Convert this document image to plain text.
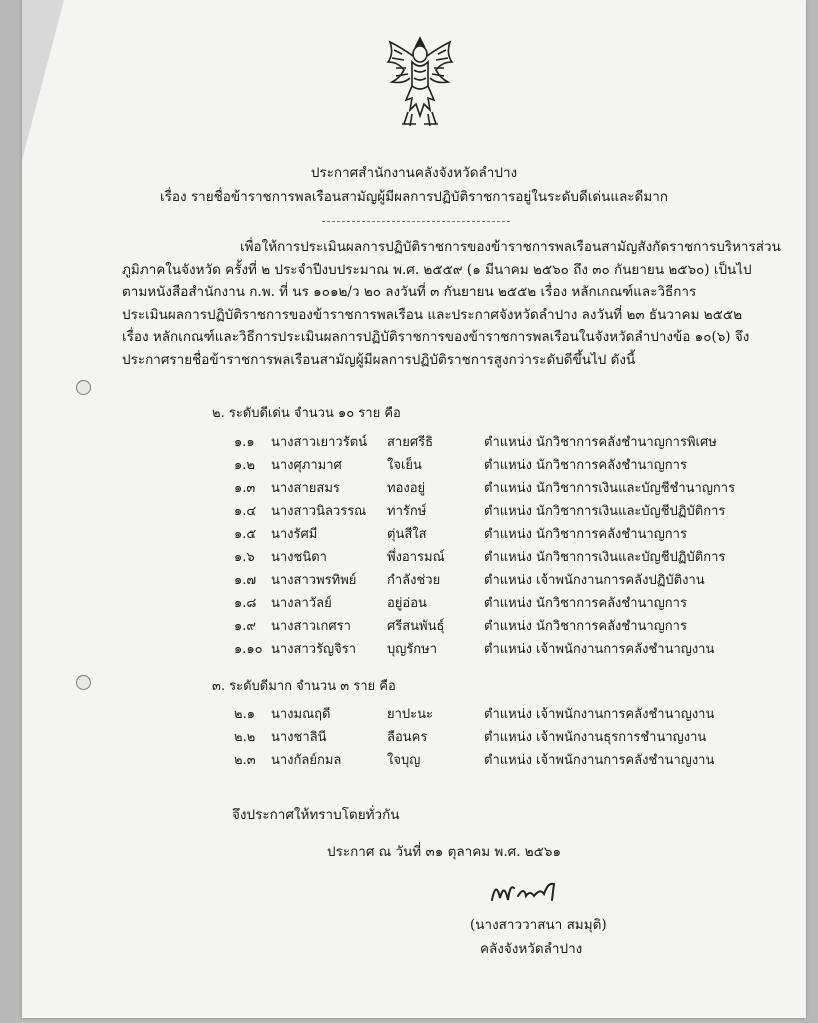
ประกาศสำนักงานคลังจังหวัดลำปาง
เรื่อง รายชื่อข้าราชการพลเรือนสามัญผู้มีผลการปฏิบัติราชการอยู่ในระดับดีเด่นและดีมาก
เพื่อให้การประเมินผลการปฏิบัติราชการของข้าราชการพลเรือนสามัญสังกัดราชการบริหารส่วน
ภูมิภาคในจังหวัด ครั้งที่ ๒ ประจำปีงบประมาณ พ.ศ. ๒๕๕๙ (๑ มีนาคม ๒๕๖๐ ถึง ๓๐ กันยายน ๒๕๖๐) เป็นไป
ตามหนังสือสำนักงาน ก.พ. ที่ นร ๑๐๑๒/ว ๒๐ ลงวันที่ ๓ กันยายน ๒๕๕๒ เรื่อง หลักเกณฑ์และวิธีการ
ประเมินผลการปฏิบัติราชการของข้าราชการพลเรือน และประกาศจังหวัดลำปาง ลงวันที่ ๒๓ ธันวาคม ๒๕๕๒
เรื่อง หลักเกณฑ์และวิธีการประเมินผลการปฏิบัติราชการของข้าราชการพลเรือนในจังหวัดลำปางข้อ ๑๐(๖) จึง
ประกาศรายชื่อข้าราชการพลเรือนสามัญผู้มีผลการปฏิบัติราชการสูงกว่าระดับดีขึ้นไป ดังนี้
๒. ระดับดีเด่น จำนวน ๑๐ ราย คือ
๑.๑ นางสาวเยาวรัตน์ สายศรีธิ	ตำแหน่ง นักวิชาการคลังชำนาญการพิเศษ
๑.๒ นางศุภามาศ	ใจเย็น	ตำแหน่ง นักวิชาการคลังชำนาญการ
๑.๓ นางสายสมร	ทองอยู่	ตำแหน่ง นักวิชาการเงินและบัญชีชำนาญการ
๑.๔ นางสาวนิลวรรณ ทารักษ์	ตำแหน่ง นักวิชาการเงินและบัญชีปฏิบัติการ
๑.๕ นางรัศมี	ตุ่นสีใส	ตำแหน่ง นักวิชาการคลังชำนาญการ
๑.๖ นางชนิดา	พึ่งอารมณ์	ตำแหน่ง นักวิชาการเงินและบัญชีปฏิบัติการ
๑.๗ นางสาวพรทิพย์ กำลังช่วย	ตำแหน่ง เจ้าพนักงานการคลังปฏิบัติงาน
๑.๘ นางลาวัลย์	อยู่อ่อน	ตำแหน่ง นักวิชาการคลังชำนาญการ
๑.๙ นางสาวเกศรา	ศรีสนพันธุ์	ตำแหน่ง นักวิชาการคลังชำนาญการ
๑.๑๐ นางสาวรัญจิรา บุญรักษา	ตำแหน่ง เจ้าพนักงานการคลังชำนาญงาน
๓. ระดับดีมาก จำนวน ๓ ราย คือ
๒.๑ นางมณฤดี	ยาปะนะ	ตำแหน่ง เจ้าพนักงานการคลังชำนาญงาน
๒.๒ นางชาลินี	ลือนคร	ตำแหน่ง เจ้าพนักงานธุรการชำนาญงาน
๒.๓ นางกัลย์กมล	ใจบุญ	ตำแหน่ง เจ้าพนักงานการคลังชำนาญงาน
จึงประกาศให้ทราบโดยทั่วกัน
ประกาศ ณ วันที่ ๓๑ ตุลาคม พ.ศ. ๒๕๖๑
(นางสาววาสนา สมมุติ)
คลังจังหวัดลำปาง
